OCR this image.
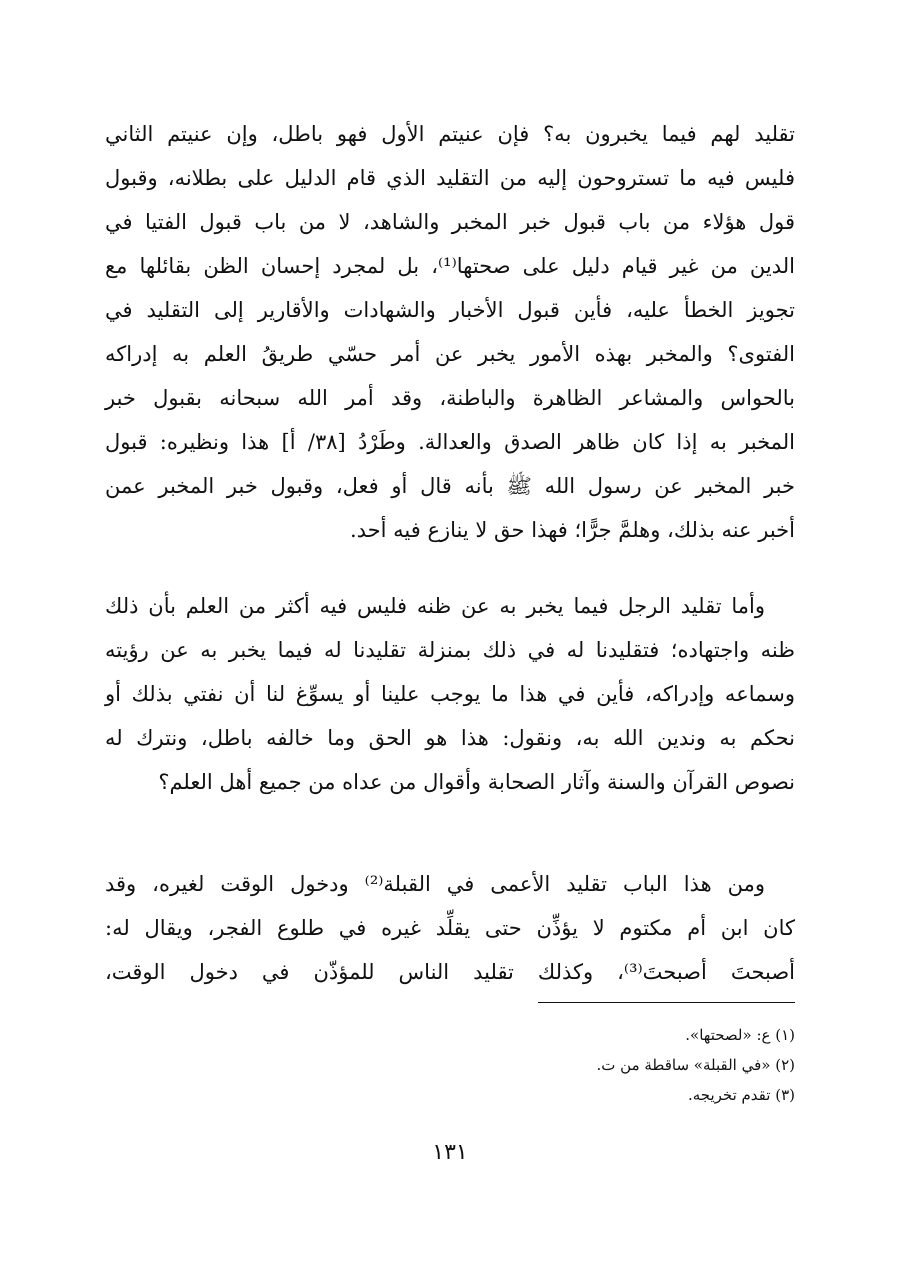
تقليد لهم فيما يخبرون به؟ فإن عنيتم الأول فهو باطل، وإن عنيتم الثاني
فليس فيه ما تستروحون إليه من التقليد الذي قام الدليل على بطلانه، وقبول
قول هؤلاء من باب قبول خبر المخبر والشاهد، لا من باب قبول الفتيا في
الدين من غير قيام دليل على صحتها⁽¹⁾، بل لمجرد إحسان الظن بقائلها مع
تجويز الخطأ عليه، فأين قبول الأخبار والشهادات والأقارير إلى التقليد في
الفتوى؟ والمخبر بهذه الأمور يخبر عن أمر حسّي طريقُ العلم به إدراكه
بالحواس والمشاعر الظاهرة والباطنة، وقد أمر الله سبحانه بقبول خبر
المخبر به إذا كان ظاهر الصدق والعدالة. وطَرْدُ [٣٨/ أ] هذا ونظيره: قبول
خبر المخبر عن رسول الله ﷺ بأنه قال أو فعل، وقبول خبر المخبر عمن
أخبر عنه بذلك، وهلمَّ جرًّا؛ فهذا حق لا ينازع فيه أحد.
وأما تقليد الرجل فيما يخبر به عن ظنه فليس فيه أكثر من العلم بأن ذلك
ظنه واجتهاده؛ فتقليدنا له في ذلك بمنزلة تقليدنا له فيما يخبر به عن رؤيته
وسماعه وإدراكه، فأين في هذا ما يوجب علينا أو يسوِّغ لنا أن نفتي بذلك أو
نحكم به وندين الله به، ونقول: هذا هو الحق وما خالفه باطل، ونترك له
نصوص القرآن والسنة وآثار الصحابة وأقوال من عداه من جميع أهل العلم؟
ومن هذا الباب تقليد الأعمى في القبلة⁽²⁾ ودخول الوقت لغيره، وقد
كان ابن أم مكتوم لا يؤذِّن حتى يقلِّد غيره في طلوع الفجر، ويقال له:
أصبحتَ أصبحتَ⁽³⁾، وكذلك تقليد الناس للمؤذّن في دخول الوقت،
(١) ع: «لصحتها».
(٢) «في القبلة» ساقطة من ت.
(٣) تقدم تخريجه.
١٣١
